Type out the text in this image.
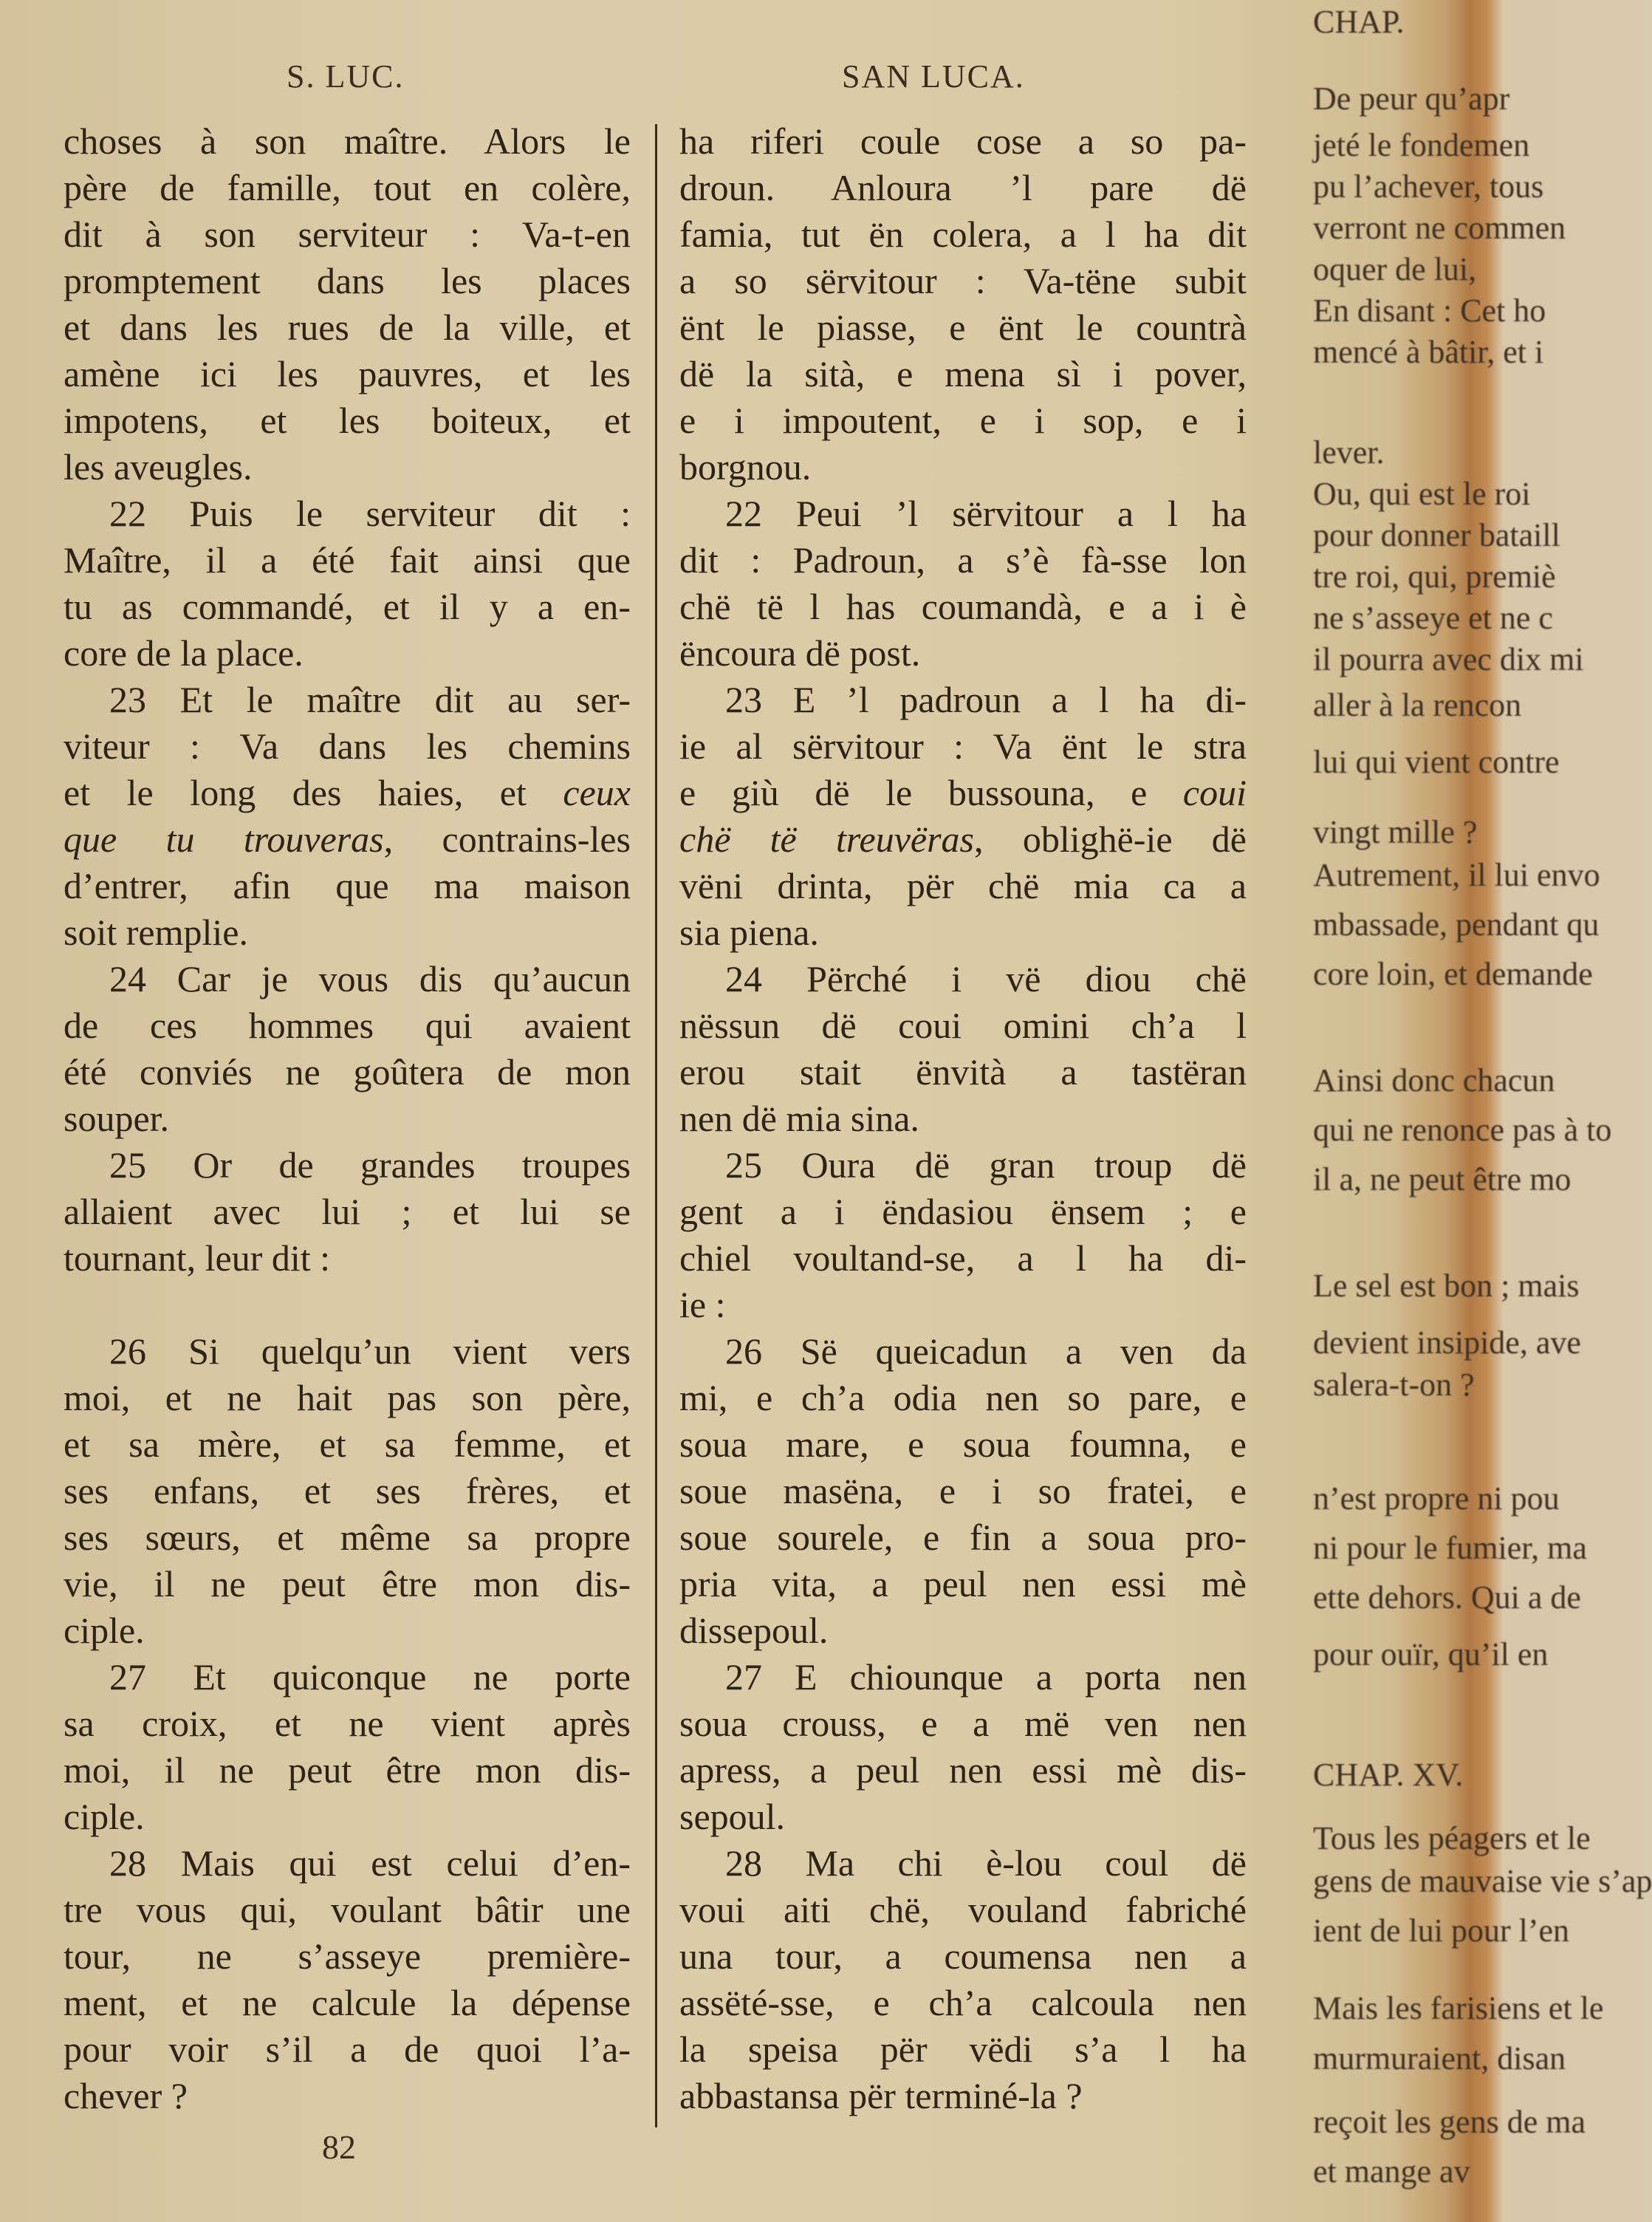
S. LUC.	SAN LUCA.
choses à son maître. Alors le
père de famille, tout en colère,
dit à son serviteur : Va-t-en
promptement dans les places
et dans les rues de la ville, et
amène ici les pauvres, et les
impotens, et les boiteux, et
les aveugles.
22 Puis le serviteur dit :
Maître, il a été fait ainsi que
tu as commandé, et il y a en-
core de la place.
23 Et le maître dit au ser-
viteur : Va dans les chemins
et le long des haies, et ceux
que tu trouveras, contrains-les
d’entrer, afin que ma maison
soit remplie.
24 Car je vous dis qu’aucun
de ces hommes qui avaient
été conviés ne goûtera de mon
souper.
25 Or de grandes troupes
allaient avec lui ; et lui se
tournant, leur dit :
26 Si quelqu’un vient vers
moi, et ne hait pas son père,
et sa mère, et sa femme, et
ses enfans, et ses frères, et
ses sœurs, et même sa propre
vie, il ne peut être mon dis-
ciple.
27 Et quiconque ne porte
sa croix, et ne vient après
moi, il ne peut être mon dis-
ciple.
28 Mais qui est celui d’en-
tre vous qui, voulant bâtir une
tour, ne s’asseye première-
ment, et ne calcule la dépense
pour voir s’il a de quoi l’a-
chever ?
ha riferi coule cose a so pa-
droun. Anloura ’l pare dë
famia, tut ën colera, a l ha dit
a so sërvitour : Va-tëne subit
ënt le piasse, e ënt le countrà
dë la sità, e mena sì i pover,
e i impoutent, e i sop, e i
borgnou.
22 Peui ’l sërvitour a l ha
dit : Padroun, a s’è fà-sse lon
chë të l has coumandà, e a i è
ëncoura dë post.
23 E ’l padroun a l ha di-
ie al sërvitour : Va ënt le stra
e giù dë le bussouna, e coui
chë të treuvëras, oblighë-ie dë
vëni drinta, për chë mia ca a
sia piena.
24 Përché i vë diou chë
nëssun dë coui omini ch’a l
erou stait ënvità a tastëran
nen dë mia sina.
25 Oura dë gran troup dë
gent a i ëndasiou ënsem ; e
chiel voultand-se, a l ha di-
ie :
26 Së queicadun a ven da
mi, e ch’a odia nen so pare, e
soua mare, e soua foumna, e
soue masëna, e i so fratei, e
soue sourele, e fin a soua pro-
pria vita, a peul nen essi mè
dissepoul.
27 E chiounque a porta nen
soua crouss, e a më ven nen
apress, a peul nen essi mè dis-
sepoul.
28 Ma chi è-lou coul dë
voui aiti chë, vouland fabriché
una tour, a coumensa nen a
assëté-sse, e ch’a calcoula nen
la speisa për vëdi s’a l ha
abbastansa për terminé-la ?
82
CHAP.
De peur qu’apr
jeté le fondemen
pu l’achever, tous
verront ne commen
oquer de lui,
En disant : Cet ho
mencé à bâtir, et i
lever.
Ou, qui est le roi
pour donner bataill
tre roi, qui, premiè
ne s’asseye et ne c
il pourra avec dix mi
aller à la rencon
lui qui vient contre
vingt mille ?
Autrement, il lui envo
mbassade, pendant qu
core loin, et demande
Ainsi donc chacun
qui ne renonce pas à to
il a, ne peut être mo
Le sel est bon ; mais
devient insipide, ave
salera-t-on ?
n’est propre ni pou
ni pour le fumier, ma
ette dehors. Qui a de
pour ouïr, qu’il en
CHAP. XV.
Tous les péagers et le
gens de mauvaise vie s’ap
ient de lui pour l’en
Mais les farisiens et le
murmuraient, disan
reçoit les gens de ma
et mange av
